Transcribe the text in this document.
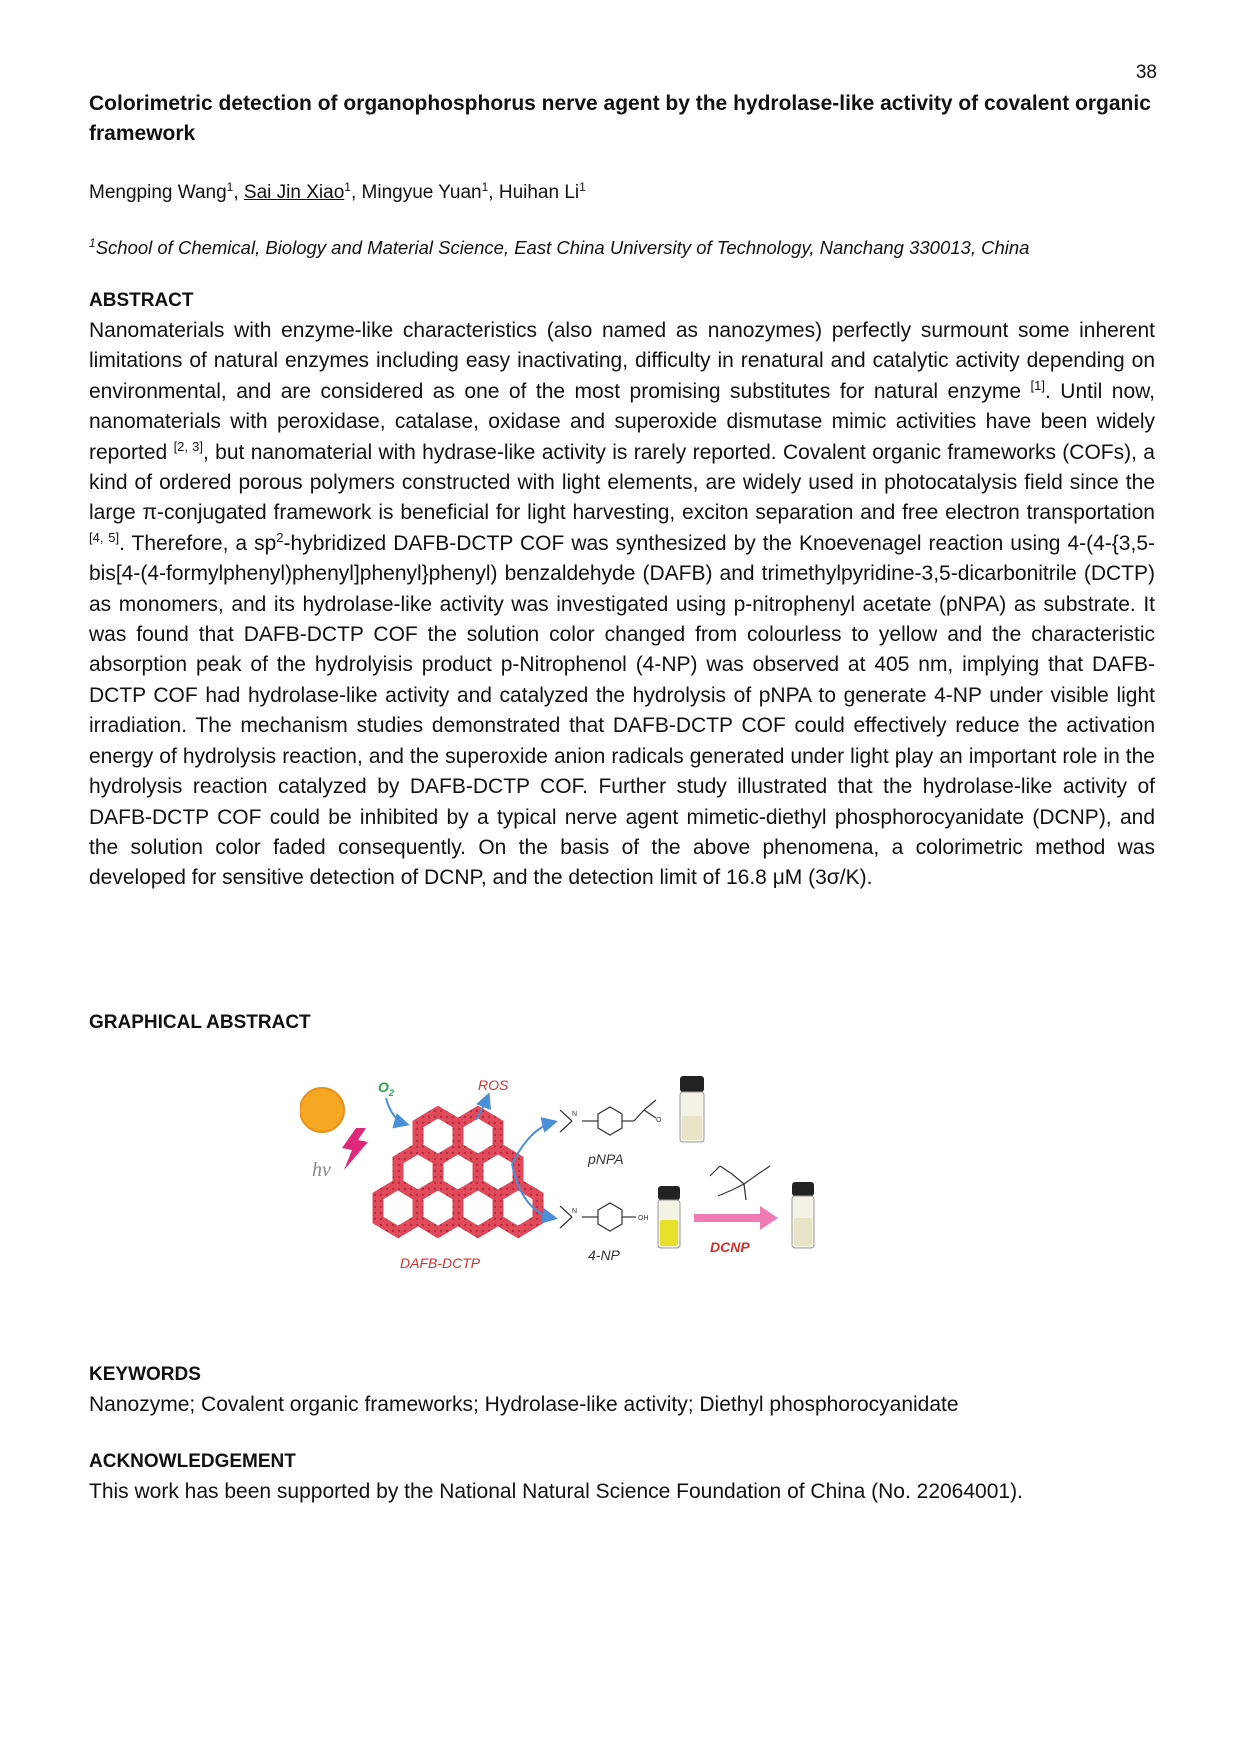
38
Colorimetric detection of organophosphorus nerve agent by the hydrolase-like activity of covalent organic framework
Mengping Wang$^1$, Sai Jin Xiao$^1$, Mingyue Yuan$^1$, Huihan Li$^1$
$^1$School of Chemical, Biology and Material Science, East China University of Technology, Nanchang 330013, China
ABSTRACT
Nanomaterials with enzyme-like characteristics (also named as nanozymes) perfectly surmount some inherent limitations of natural enzymes including easy inactivating, difficulty in renatural and catalytic activity depending on environmental, and are considered as one of the most promising substitutes for natural enzyme [1]. Until now, nanomaterials with peroxidase, catalase, oxidase and superoxide dismutase mimic activities have been widely reported [2, 3], but nanomaterial with hydrase-like activity is rarely reported. Covalent organic frameworks (COFs), a kind of ordered porous polymers constructed with light elements, are widely used in photocatalysis field since the large π-conjugated framework is beneficial for light harvesting, exciton separation and free electron transportation [4, 5]. Therefore, a $sp^2$-hybridized DAFB-DCTP COF was synthesized by the Knoevenagel reaction using 4-(4-{3,5-bis[4-(4-formylphenyl)phenyl]phenyl}phenyl) benzaldehyde (DAFB) and trimethylpyridine-3,5-dicarbonitrile (DCTP) as monomers, and its hydrolase-like activity was investigated using p-nitrophenyl acetate (pNPA) as substrate. It was found that DAFB-DCTP COF the solution color changed from colourless to yellow and the characteristic absorption peak of the hydrolyisis product p-Nitrophenol (4-NP) was observed at 405 nm, implying that DAFB-DCTP COF had hydrolase-like activity and catalyzed the hydrolysis of pNPA to generate 4-NP under visible light irradiation. The mechanism studies demonstrated that DAFB-DCTP COF could effectively reduce the activation energy of hydrolysis reaction, and the superoxide anion radicals generated under light play an important role in the hydrolysis reaction catalyzed by DAFB-DCTP COF. Further study illustrated that the hydrolase-like activity of DAFB-DCTP COF could be inhibited by a typical nerve agent mimetic-diethyl phosphorocyanidate (DCNP), and the solution color faded consequently. On the basis of the above phenomena, a colorimetric method was developed for sensitive detection of DCNP, and the detection limit of 16.8 μM (3σ/K).
GRAPHICAL ABSTRACT
hv
DAFB-DCTP
$O_2$	ROS
N
O
pNPA
N
OH
4-NP	DCNP
KEYWORDS
Nanozyme; Covalent organic frameworks; Hydrolase-like activity; Diethyl phosphorocyanidate
ACKNOWLEDGEMENT
This work has been supported by the National Natural Science Foundation of China (No. 22064001).
